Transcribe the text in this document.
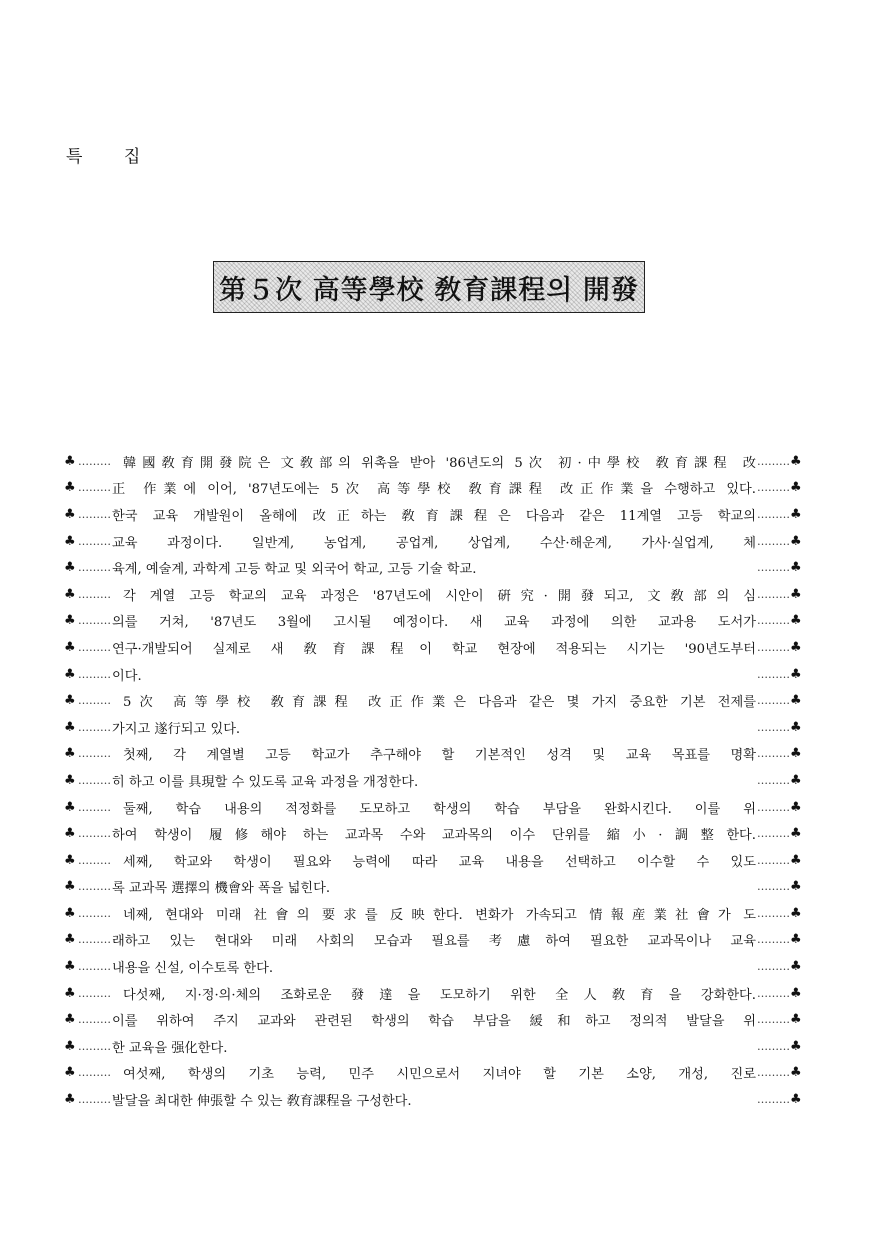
특 집
第５次 高等學校 敎育課程의 開發
♣ ……… 韓國敎育開發院은 文敎部의 위촉을 받아 '86년도의 5次 初·中學校 敎育課程 改 ……… ♣
♣ ……… 正 作業에 이어, '87년도에는 5次 高等學校 敎育課程 改正作業을 수행하고 있다. ……… ♣
♣ ……… 한국 교육 개발원이 올해에 改正하는 敎育課程은 다음과 같은 11계열 고등 학교의 ……… ♣
♣ ……… 교육 과정이다. 일반계, 농업계, 공업계, 상업계, 수산·해운계, 가사·실업계, 체 ……… ♣
♣ ……… 육계, 예술계, 과학계 고등 학교 및 외국어 학교, 고등 기술 학교.	……… ♣
♣ ……… 각 계열 고등 학교의 교육 과정은 '87년도에 시안이 硏究·開發되고, 文敎部의 심 ……… ♣
♣ ……… 의를 거쳐, '87년도 3월에 고시될 예정이다. 새 교육 과정에 의한 교과용 도서가 ……… ♣
♣ ……… 연구·개발되어 실제로 새 敎育課程이 학교 현장에 적용되는 시기는 '90년도부터 ……… ♣
♣ ……… 이다.	……… ♣
♣ ……… 5次 高等學校 敎育課程 改正作業은 다음과 같은 몇 가지 중요한 기본 전제를 ……… ♣
♣ ……… 가지고 遂行되고 있다.	……… ♣
♣ ……… 첫째, 각 계열별 고등 학교가 추구해야 할 기본적인 성격 및 교육 목표를 명확 ……… ♣
♣ ……… 히 하고 이를 具現할 수 있도록 교육 과정을 개정한다.	……… ♣
♣ ……… 둘째, 학습 내용의 적정화를 도모하고 학생의 학습 부담을 완화시킨다. 이를 위 ……… ♣
♣ ……… 하여 학생이 履修해야 하는 교과목 수와 교과목의 이수 단위를 縮小·調整한다. ……… ♣
♣ ……… 세째, 학교와 학생이 필요와 능력에 따라 교육 내용을 선택하고 이수할 수 있도 ……… ♣
♣ ……… 록 교과목 選擇의 機會와 폭을 넓힌다.	……… ♣
♣ ……… 네째, 현대와 미래 社會의 要求를 反映한다. 변화가 가속되고 情報産業社會가 도 ……… ♣
♣ ……… 래하고 있는 현대와 미래 사회의 모습과 필요를 考慮하여 필요한 교과목이나 교육 ……… ♣
♣ ……… 내용을 신설, 이수토록 한다.	……… ♣
♣ ……… 다섯째, 지·정·의·체의 조화로운 發達을 도모하기 위한 全人敎育을 강화한다. ……… ♣
♣ ……… 이를 위하여 주지 교과와 관련된 학생의 학습 부담을 緩和하고 정의적 발달을 위 ……… ♣
♣ ……… 한 교육을 强化한다.	……… ♣
♣ ……… 여섯째, 학생의 기초 능력, 민주 시민으로서 지녀야 할 기본 소양, 개성, 진로 ……… ♣
♣ ……… 발달을 최대한 伸張할 수 있는 敎育課程을 구성한다.	……… ♣
